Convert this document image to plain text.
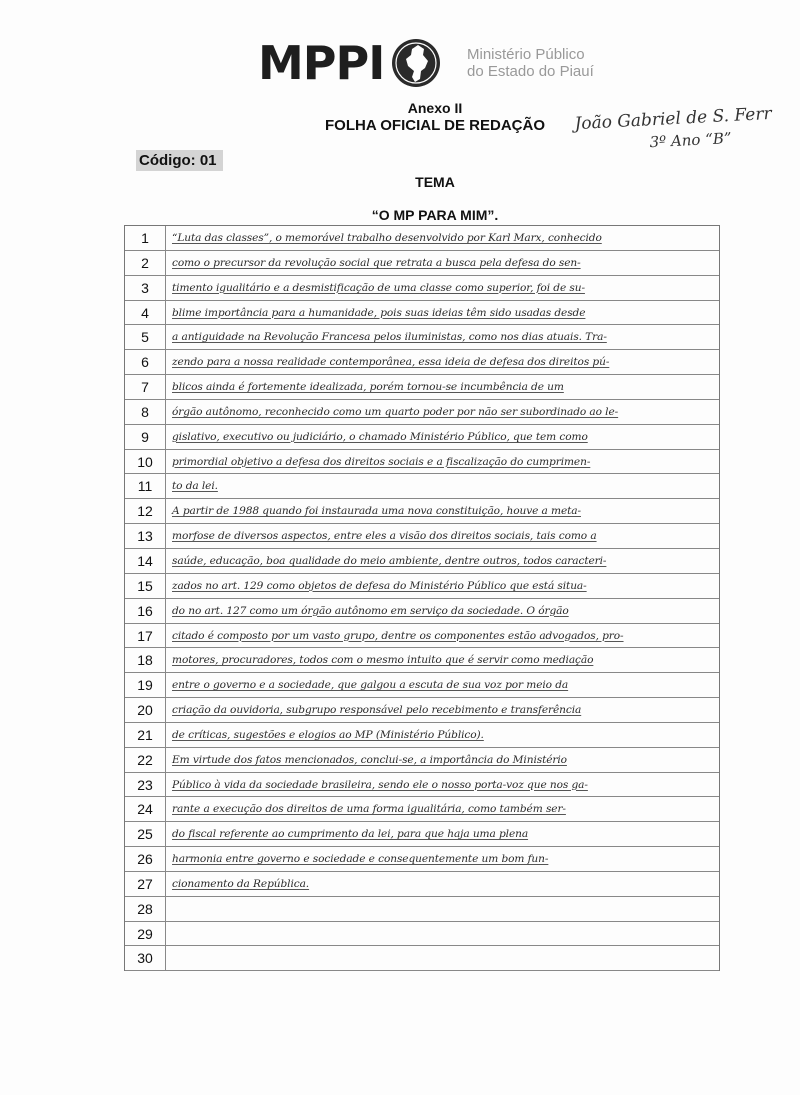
MPPI	Ministério Público
do Estado do Piauí
Anexo II
FOLHA OFICIAL DE REDAÇÃO	João Gabriel de S. Ferr
3º Ano “B”
Código: 01
TEMA
“O MP PARA MIM”.
1	“Luta das classes”, o memorável trabalho desenvolvido por Karl Marx, conhecido
2	como o precursor da revolução social que retrata a busca pela defesa do sen-
3	timento igualitário e a desmistificação de uma classe como superior, foi de su-
4	blime importância para a humanidade, pois suas ideias têm sido usadas desde
5	a antiguidade na Revolução Francesa pelos iluministas, como nos dias atuais. Tra-
6	zendo para a nossa realidade contemporânea, essa ideia de defesa dos direitos pú-
7	blicos ainda é fortemente idealizada, porém tornou-se incumbência de um
8	órgão autônomo, reconhecido como um quarto poder por não ser subordinado ao le-
9	gislativo, executivo ou judiciário, o chamado Ministério Público, que tem como
10	primordial objetivo a defesa dos direitos sociais e a fiscalização do cumprimen-
11	to da lei.
12	A partir de 1988 quando foi instaurada uma nova constituição, houve a meta-
13	morfose de diversos aspectos, entre eles a visão dos direitos sociais, tais como a
14	saúde, educação, boa qualidade do meio ambiente, dentre outros, todos caracteri-
15	zados no art. 129 como objetos de defesa do Ministério Público que está situa-
16	do no art. 127 como um órgão autônomo em serviço da sociedade. O órgão
17	citado é composto por um vasto grupo, dentre os componentes estão advogados, pro-
18	motores, procuradores, todos com o mesmo intuito que é servir como mediação
19	entre o governo e a sociedade, que galgou a escuta de sua voz por meio da
20	criação da ouvidoria, subgrupo responsável pelo recebimento e transferência
21	de críticas, sugestões e elogios ao MP (Ministério Público).
22	Em virtude dos fatos mencionados, conclui-se, a importância do Ministério
23	Público à vida da sociedade brasileira, sendo ele o nosso porta-voz que nos ga-
24	rante a execução dos direitos de uma forma igualitária, como também ser-
25	do fiscal referente ao cumprimento da lei, para que haja uma plena
26	harmonia entre governo e sociedade e consequentemente um bom fun-
27	cionamento da República.
28
29
30
